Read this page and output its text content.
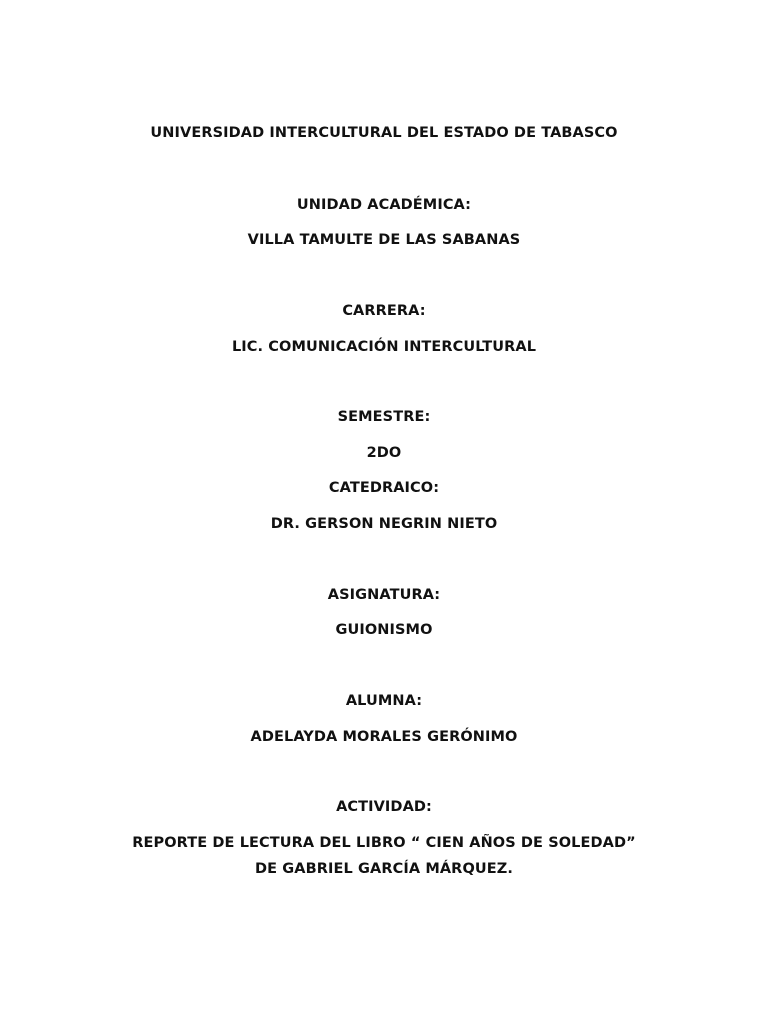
UNIVERSIDAD INTERCULTURAL DEL ESTADO DE TABASCO
UNIDAD ACADÉMICA:
VILLA TAMULTE DE LAS SABANAS
CARRERA:
LIC. COMUNICACIÓN INTERCULTURAL
SEMESTRE:
2DO
CATEDRAICO:
DR. GERSON NEGRIN NIETO
ASIGNATURA:
GUIONISMO
ALUMNA:
ADELAYDA MORALES GERÓNIMO
ACTIVIDAD:
REPORTE DE LECTURA DEL LIBRO “ CIEN AÑOS DE SOLEDAD”
DE GABRIEL GARCÍA MÁRQUEZ.
